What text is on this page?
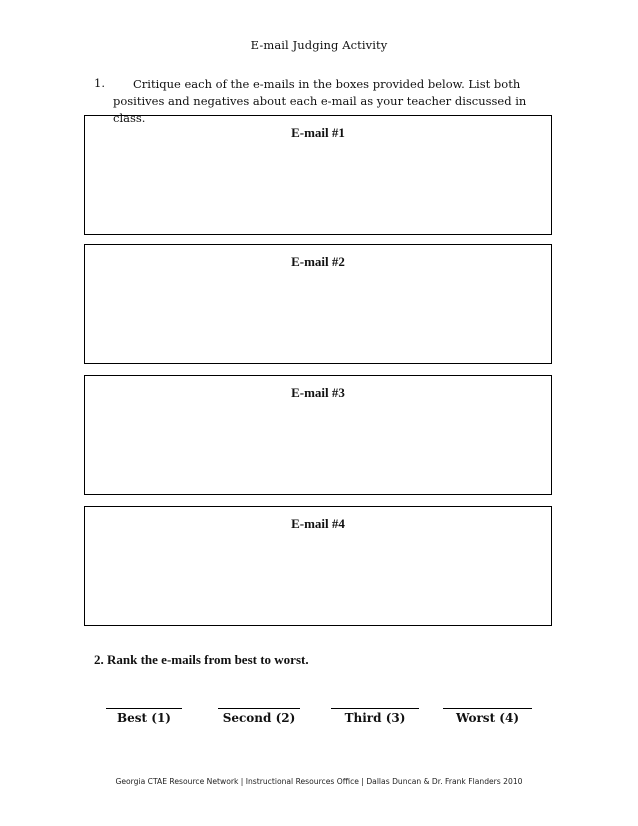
E-mail Judging Activity
1.	Critique each of the e-mails in the boxes provided below. List both positives and negatives about each e-mail as your teacher discussed in class.
E-mail #1
E-mail #2
E-mail #3
E-mail #4
2. Rank the e-mails from best to worst.
Best (1)	Second (2)	Third (3)	Worst (4)
Georgia CTAE Resource Network | Instructional Resources Office | Dallas Duncan & Dr. Frank Flanders 2010
